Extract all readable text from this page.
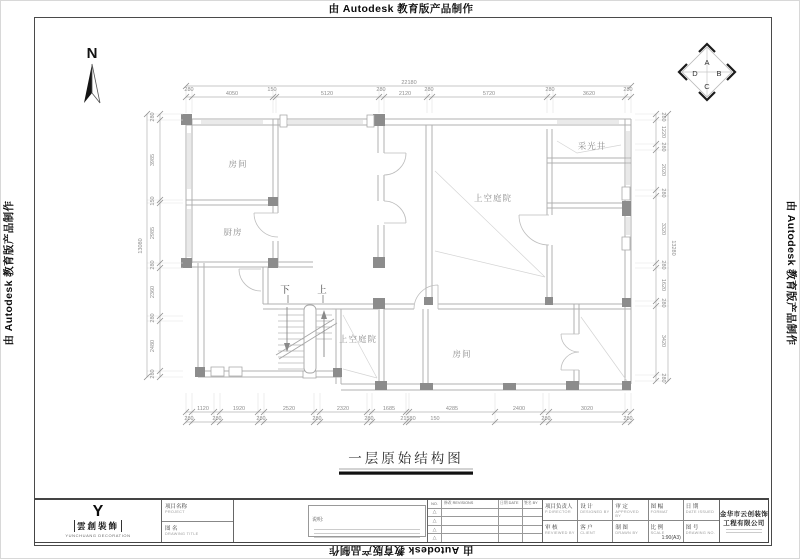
由 Autodesk 教育版产品制作
由 Autodesk 教育版产品制作
由 Autodesk 教育版产品制作	由 Autodesk 教育版产品制作
N
A
B
C
D
280
4050
150
5120
280
2120
280
5720
280
3620
280
22180
1120	1920	2520	2320	1685	4285	2400	3020
280	280	280	280	280	150	280	280
21580
280
3985
150
2985
280
2360
280
2480
280
13080
280
1220
280
2020
280
3320
280
1620
280
3420
280
13280
房间
厨房
上空庭院
采光井
上空庭院
房间
下	上
一层原始结构图
Y
雲創裝飾
YUNCHUANG DECORATION
项目名称
PROJECT
图 名
DRAWING TITLE
说明:
NO.	修改 REVISIONS	日期 DATE	签名 BY
△
△
△
△
项目负责人
P.DIRECTOR
设 计
DESIGNED BY
审 定
APPROVED BY
图 幅
FORMAT
日 期
DATE ISSUED
审 核
REVIEWED BY
客 户
CLIENT
制 图
DRAWN BY
比 例
SCALE
1:90(A3)
图 号
DRAWING NO.
金华市云创装饰
工程有限公司
